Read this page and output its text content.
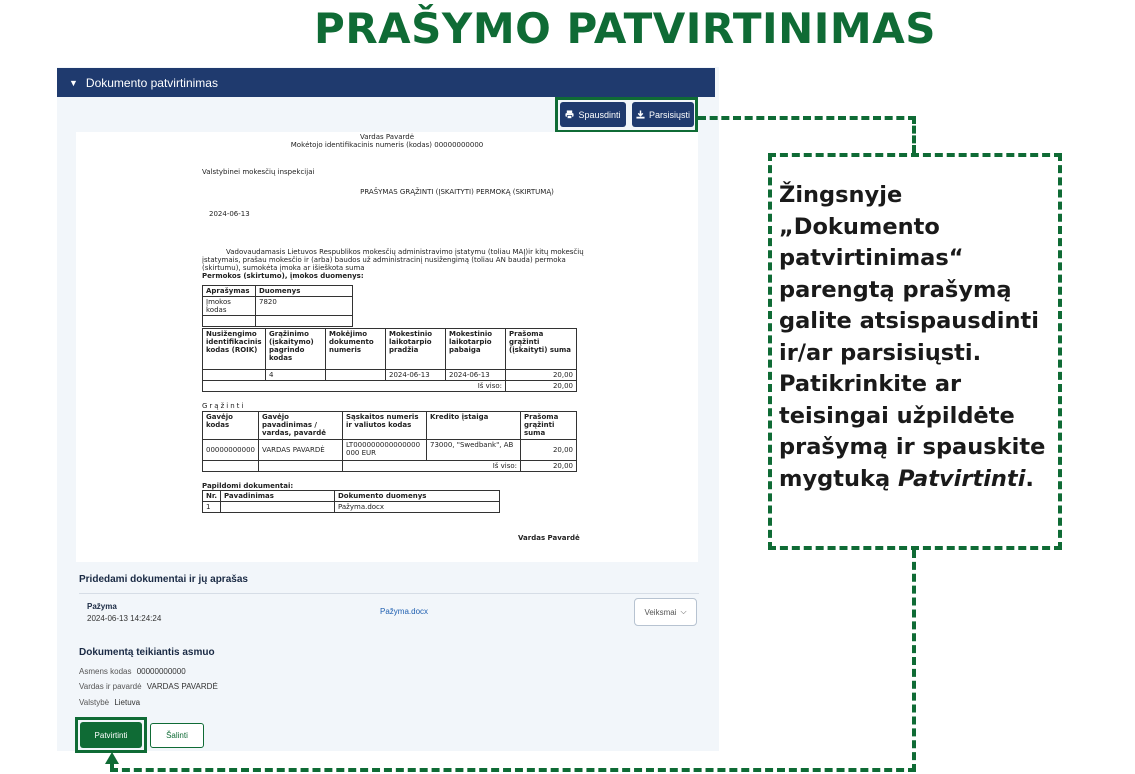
PRAŠYMO PATVIRTINIMAS
▼ Dokumento patvirtinimas
Spausdinti	Parsisiųsti
Vardas Pavardė
Mokėtojo identifikacinis numeris (kodas) 00000000000
Valstybinei mokesčių inspekcijai
PRAŠYMAS GRĄŽINTI (ĮSKAITYTI) PERMOKĄ (SKIRTUMĄ)
2024-06-13
Vadovaudamasis Lietuvos Respublikos mokesčių administravimo įstatymu (toliau MAĮ)ir kitų mokesčių
įstatymais, prašau mokesčio ir (arba) baudos už administracinį nusižengimą (toliau AN bauda) permoka
(skirtumu), sumokėta įmoka ar išieškota suma
Permokos (skirtumo), įmokos duomenys:
Aprašymas	Duomenys
Įmokos kodas	7820

Nusižengimo identifikacinis kodas (ROIK)	Grąžinimo (įskaitymo) pagrindo kodas	Mokėjimo dokumento numeris	Mokestinio laikotarpio pradžia	Mokestinio laikotarpio pabaiga	Prašoma grąžinti (įskaityti) suma
	4		2024-06-13	2024-06-13	20,00
Iš viso:					20,00
Grąžinti
Gavėjo kodas	Gavėjo pavadinimas / vardas, pavardė	Sąskaitos numeris ir valiutos kodas	Kredito įstaiga	Prašoma grąžinti suma
00000000000	VARDAS PAVARDĖ	LT000000000000000 000 EUR	73000, "Swedbank", AB	20,00
		Iš viso:		20,00
Papildomi dokumentai:
Nr.	Pavadinimas	Dokumento duomenys
1		Pažyma.docx
Vardas Pavardė
Pridedami dokumentai ir jų aprašas
Pažyma
2024-06-13 14:24:24
Pažyma.docx	Veiksmai ⌵
Dokumentą teikiantis asmuo
Asmens kodas 00000000000
Vardas ir pavardė VARDAS PAVARDĖ
Valstybė Lietuva
Patvirtinti	Šalinti
Žingsnyje
„Dokumento
patvirtinimas“
parengtą prašymą
galite atsispausdinti
ir/ar parsisiųsti.
Patikrinkite ar
teisingai užpildėte
prašymą ir spauskite
mygtuką Patvirtinti.
